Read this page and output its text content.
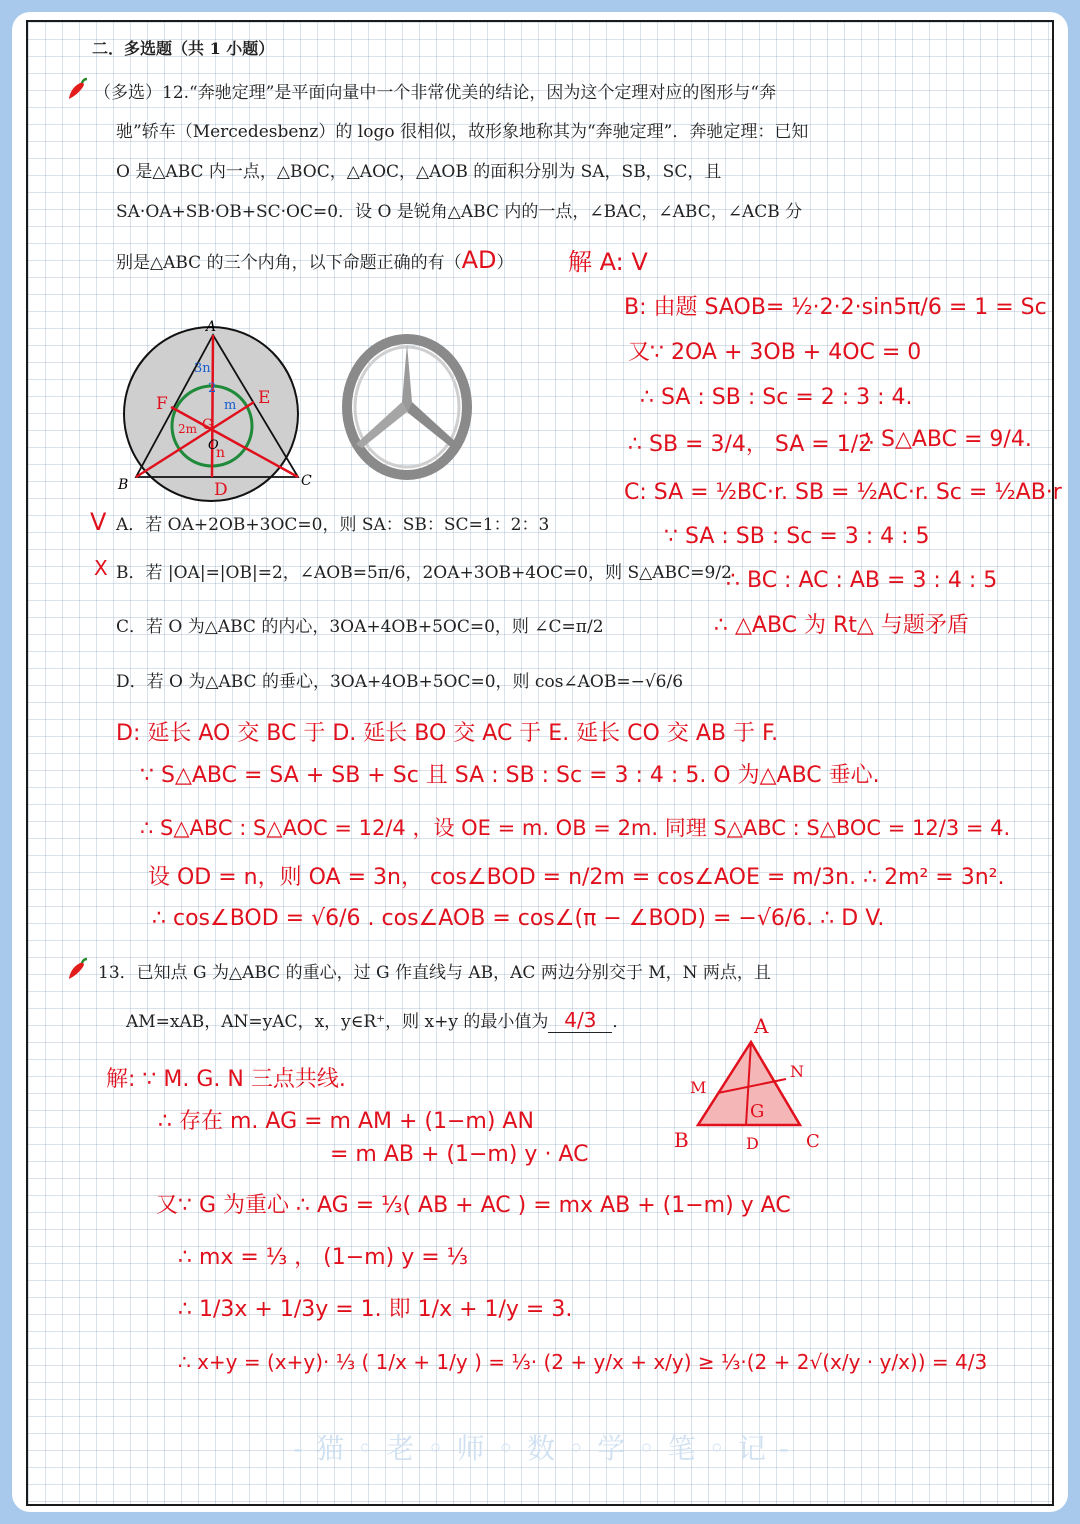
二．多选题（共 1 小题）
（多选）12.“奔驰定理”是平面向量中一个非常优美的结论，因为这个定理对应的图形与“奔
驰”轿车（Mercedesbenz）的 logo 很相似，故形象地称其为“奔驰定理”．奔驰定理：已知
O 是△ABC 内一点，△BOC，△AOC，△AOB 的面积分别为 SA，SB，SC，且
SA·OA+SB·OB+SC·OC=0．设 O 是锐角△ABC 内的一点，∠BAC，∠ABC，∠ACB 分
别是△ABC 的三个内角，以下命题正确的有（AD）
A
B	C
O
D
E
F
G
3n
2
m
2m
n
V A．若 OA+2OB+3OC=0，则 SA：SB：SC=1：2：3
X B．若 |OA|=|OB|=2，∠AOB=5π/6，2OA+3OB+4OC=0，则 S△ABC=9/2
C．若 O 为△ABC 的内心，3OA+4OB+5OC=0，则 ∠C=π/2
D．若 O 为△ABC 的垂心，3OA+4OB+5OC=0，则 cos∠AOB=−√6/6
解 A: V
B: 由题 SAOB= ½·2·2·sin5π/6 = 1 = Sc
又∵ 2OA + 3OB + 4OC = 0
∴ SA : SB : Sc = 2 : 3 : 4.
∴ SB = 3/4， SA = 1/2
∴ S△ABC = 9/4.
C: SA = ½BC·r. SB = ½AC·r. Sc = ½AB·r
∵ SA : SB : Sc = 3 : 4 : 5
∴ BC : AC : AB = 3 : 4 : 5
∴ △ABC 为 Rt△ 与题矛盾
D: 延长 AO 交 BC 于 D. 延长 BO 交 AC 于 E. 延长 CO 交 AB 于 F.
∵ S△ABC = SA + SB + Sc 且 SA : SB : Sc = 3 : 4 : 5. O 为△ABC 垂心.
∴ S△ABC : S△AOC = 12/4 ，设 OE = m. OB = 2m. 同理 S△ABC : S△BOC = 12/3 = 4.
设 OD = n，则 OA = 3n， cos∠BOD = n/2m = cos∠AOE = m/3n. ∴ 2m² = 3n².
∴ cos∠BOD = √6/6 . cos∠AOB = cos∠(π − ∠BOD) = −√6/6. ∴ D V.
13．已知点 G 为△ABC 的重心，过 G 作直线与 AB，AC 两边分别交于 M，N 两点，且
AM=xAB，AN=yAC，x，y∈R⁺，则 x+y 的最小值为 4/3 ．	A
B	C
M
N
G
D
解: ∵ M. G. N 三点共线.
∴ 存在 m. AG = m AM + (1−m) AN
= m AB + (1−m) y · AC
又∵ G 为重心 ∴ AG = ⅓( AB + AC ) = mx AB + (1−m) y AC
∴ mx = ⅓ ， (1−m) y = ⅓
∴ 1/3x + 1/3y = 1. 即 1/x + 1/y = 3.
∴ x+y = (x+y)· ⅓ ( 1/x + 1/y ) = ⅓· (2 + y/x + x/y) ≥ ⅓·(2 + 2√(x/y · y/x)) = 4/3
- 猫 ◦ 老 ◦ 师 ◦ 数 ◦ 学 ◦ 笔 ◦ 记 -
